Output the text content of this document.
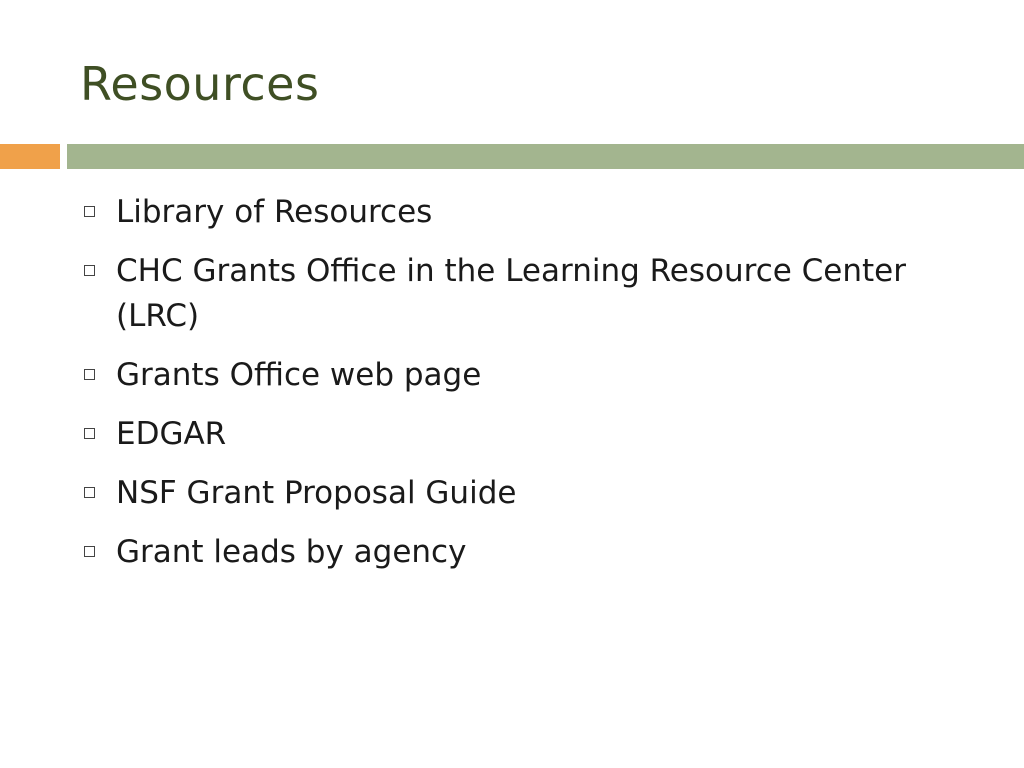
Resources
Library of Resources
CHC Grants Office in the Learning Resource Center (LRC)
Grants Office web page
EDGAR
NSF Grant Proposal Guide
Grant leads by agency
